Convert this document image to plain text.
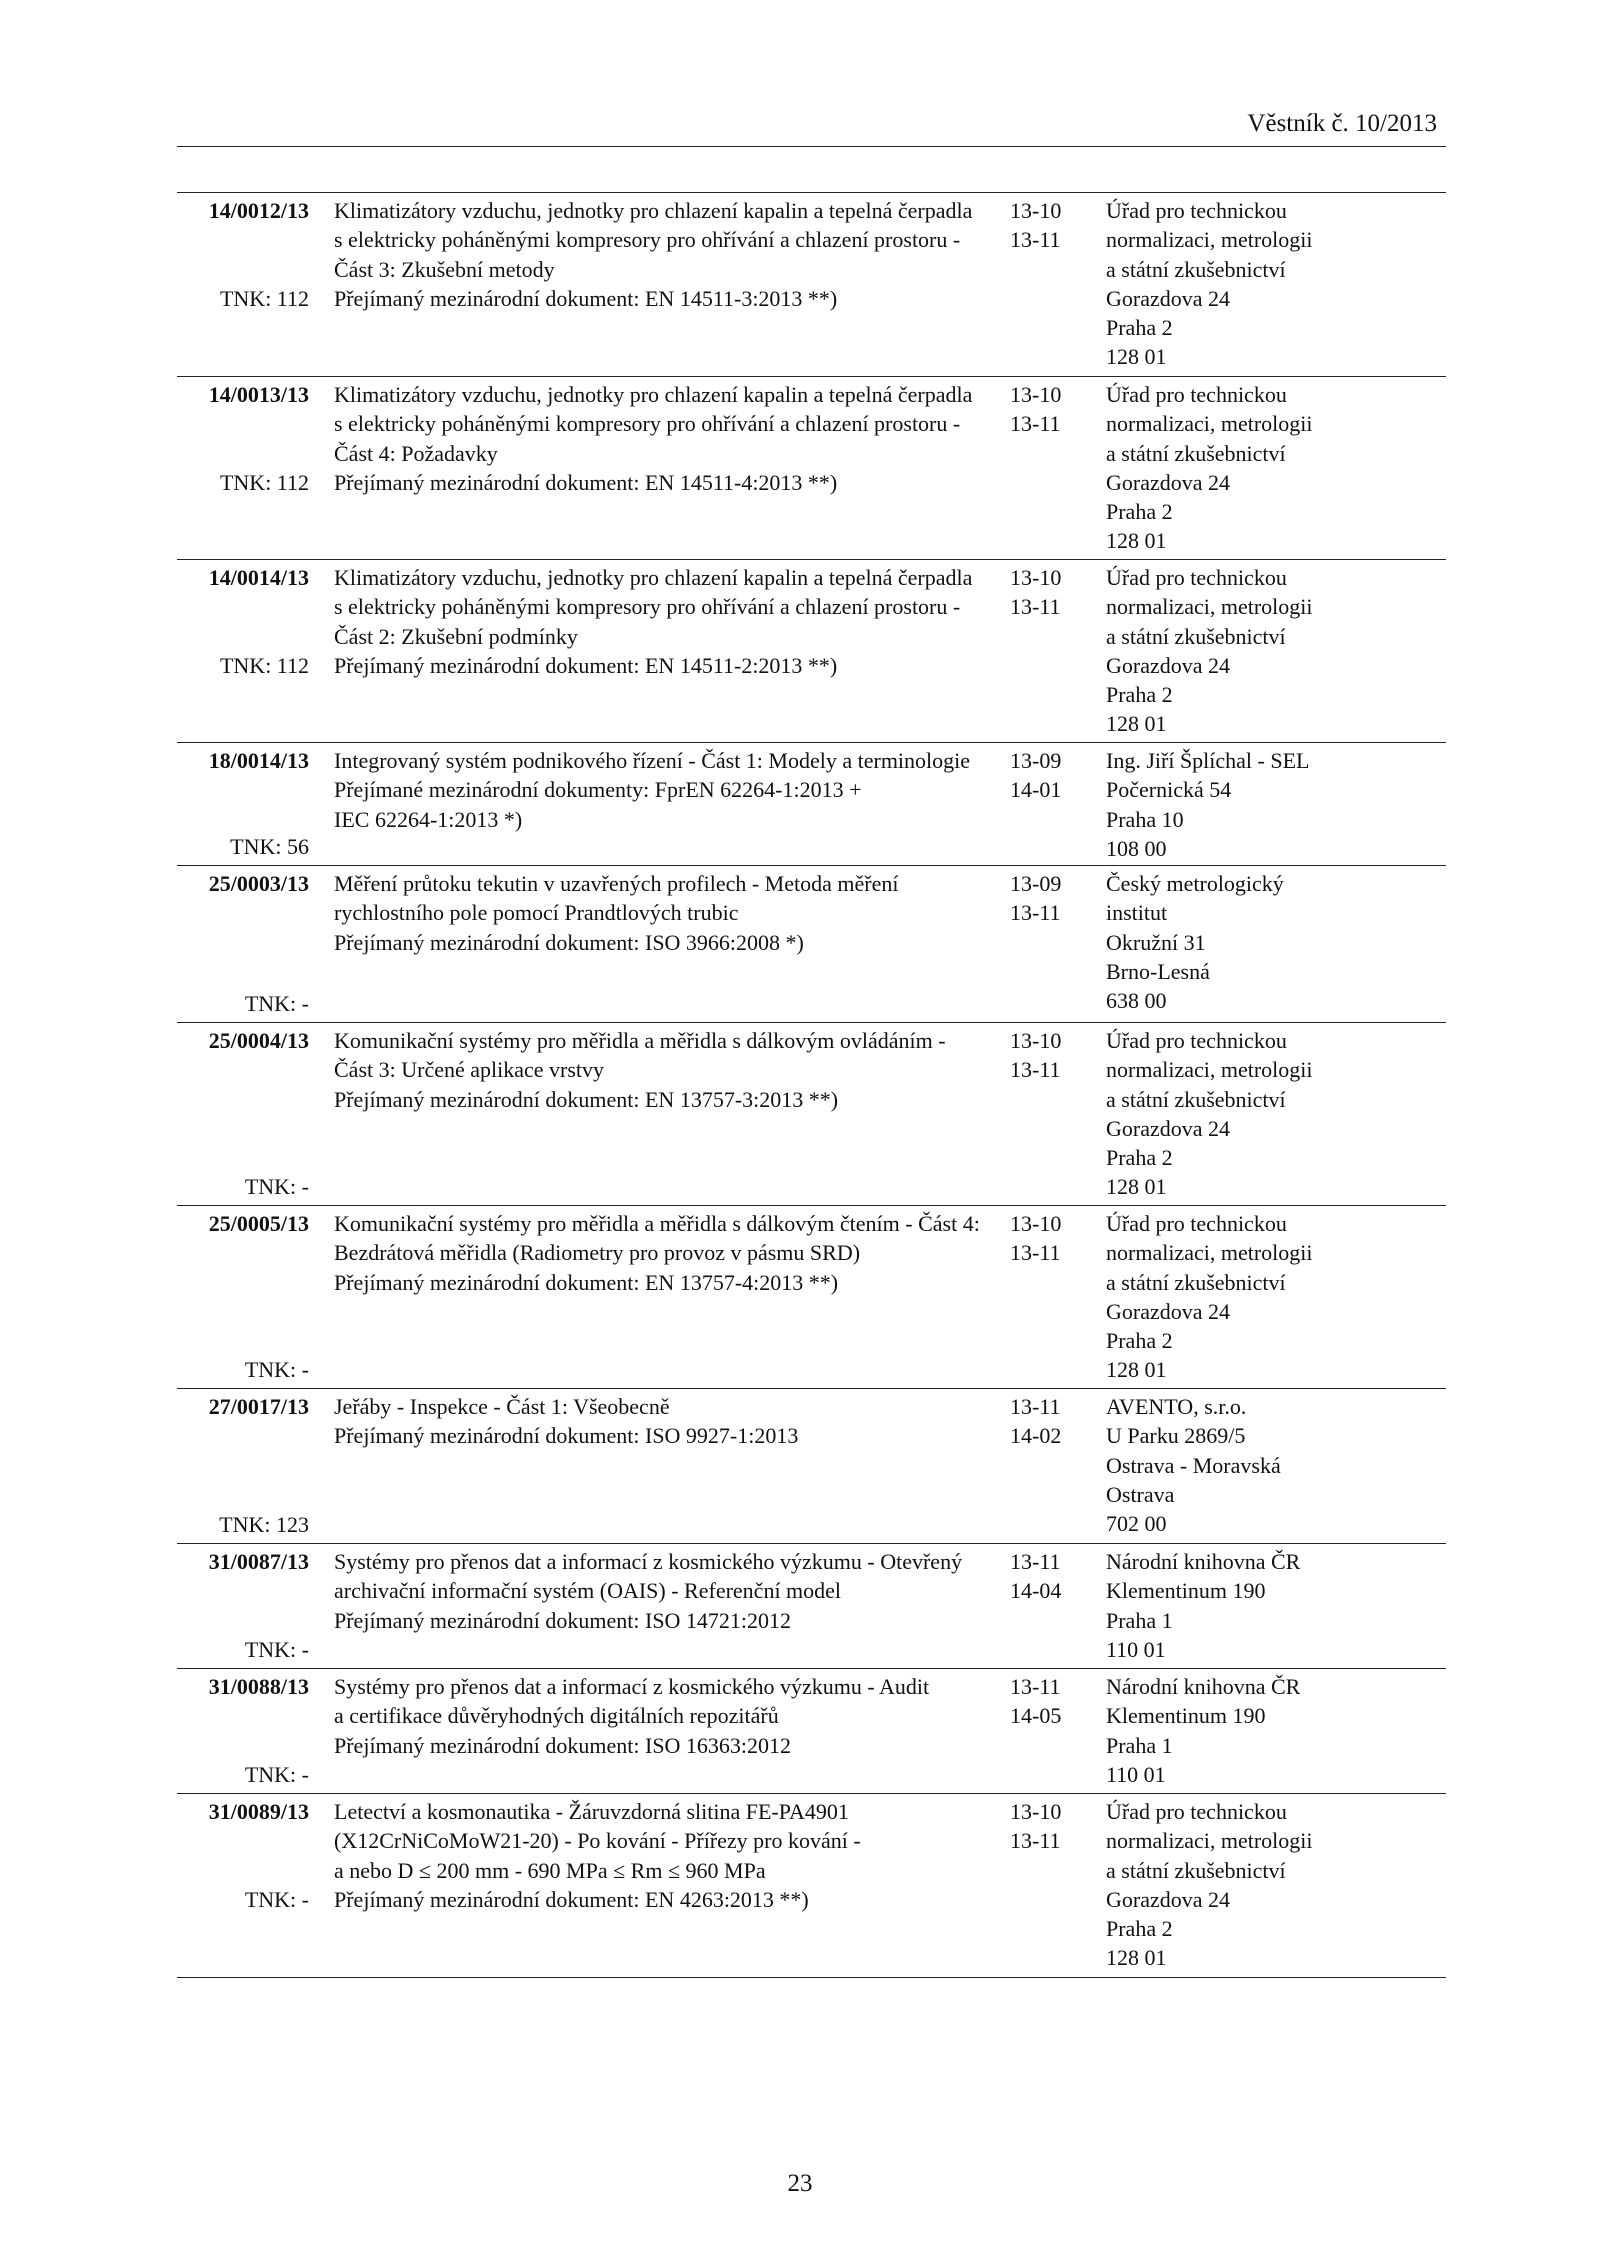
Věstník č. 10/2013
14/0012/13
TNK: 112
Klimatizátory vzduchu, jednotky pro chlazení kapalin a tepelná čerpadla
s elektricky poháněnými kompresory pro ohřívání a chlazení prostoru -
Část 3: Zkušební metody
Přejímaný mezinárodní dokument: EN 14511-3:2013 **)
13-10
13-11
Úřad pro technickou
normalizaci, metrologii
a státní zkušebnictví
Gorazdova 24
Praha 2
128 01
14/0013/13
TNK: 112
Klimatizátory vzduchu, jednotky pro chlazení kapalin a tepelná čerpadla
s elektricky poháněnými kompresory pro ohřívání a chlazení prostoru -
Část 4: Požadavky
Přejímaný mezinárodní dokument: EN 14511-4:2013 **)
13-10
13-11
Úřad pro technickou
normalizaci, metrologii
a státní zkušebnictví
Gorazdova 24
Praha 2
128 01
14/0014/13
TNK: 112
Klimatizátory vzduchu, jednotky pro chlazení kapalin a tepelná čerpadla
s elektricky poháněnými kompresory pro ohřívání a chlazení prostoru -
Část 2: Zkušební podmínky
Přejímaný mezinárodní dokument: EN 14511-2:2013 **)
13-10
13-11
Úřad pro technickou
normalizaci, metrologii
a státní zkušebnictví
Gorazdova 24
Praha 2
128 01
18/0014/13
TNK: 56
Integrovaný systém podnikového řízení - Část 1: Modely a terminologie
Přejímané mezinárodní dokumenty: FprEN 62264-1:2013 +
IEC 62264-1:2013 *)
13-09
14-01
Ing. Jiří Šplíchal - SEL
Počernická 54
Praha 10
108 00
25/0003/13
TNK: -
Měření průtoku tekutin v uzavřených profilech - Metoda měření
rychlostního pole pomocí Prandtlových trubic
Přejímaný mezinárodní dokument: ISO 3966:2008 *)
13-09
13-11
Český metrologický
institut
Okružní 31
Brno-Lesná
638 00
25/0004/13
TNK: -
Komunikační systémy pro měřidla a měřidla s dálkovým ovládáním -
Část 3: Určené aplikace vrstvy
Přejímaný mezinárodní dokument: EN 13757-3:2013 **)
13-10
13-11
Úřad pro technickou
normalizaci, metrologii
a státní zkušebnictví
Gorazdova 24
Praha 2
128 01
25/0005/13
TNK: -
Komunikační systémy pro měřidla a měřidla s dálkovým čtením - Část 4:
Bezdrátová měřidla (Radiometry pro provoz v pásmu SRD)
Přejímaný mezinárodní dokument: EN 13757-4:2013 **)
13-10
13-11
Úřad pro technickou
normalizaci, metrologii
a státní zkušebnictví
Gorazdova 24
Praha 2
128 01
27/0017/13
TNK: 123
Jeřáby - Inspekce - Část 1: Všeobecně
Přejímaný mezinárodní dokument: ISO 9927-1:2013
13-11
14-02
AVENTO, s.r.o.
U Parku 2869/5
Ostrava - Moravská
Ostrava
702 00
31/0087/13
TNK: -
Systémy pro přenos dat a informací z kosmického výzkumu - Otevřený
archivační informační systém (OAIS) - Referenční model
Přejímaný mezinárodní dokument: ISO 14721:2012
13-11
14-04
Národní knihovna ČR
Klementinum 190
Praha 1
110 01
31/0088/13
TNK: -
Systémy pro přenos dat a informací z kosmického výzkumu - Audit
a certifikace důvěryhodných digitálních repozitářů
Přejímaný mezinárodní dokument: ISO 16363:2012
13-11
14-05
Národní knihovna ČR
Klementinum 190
Praha 1
110 01
31/0089/13
TNK: -
Letectví a kosmonautika - Žáruvzdorná slitina FE-PA4901
(X12CrNiCoMoW21-20) - Po kování - Přířezy pro kování -
a nebo D ≤ 200 mm - 690 MPa ≤ Rm ≤ 960 MPa
Přejímaný mezinárodní dokument: EN 4263:2013 **)
13-10
13-11
Úřad pro technickou
normalizaci, metrologii
a státní zkušebnictví
Gorazdova 24
Praha 2
128 01
23
